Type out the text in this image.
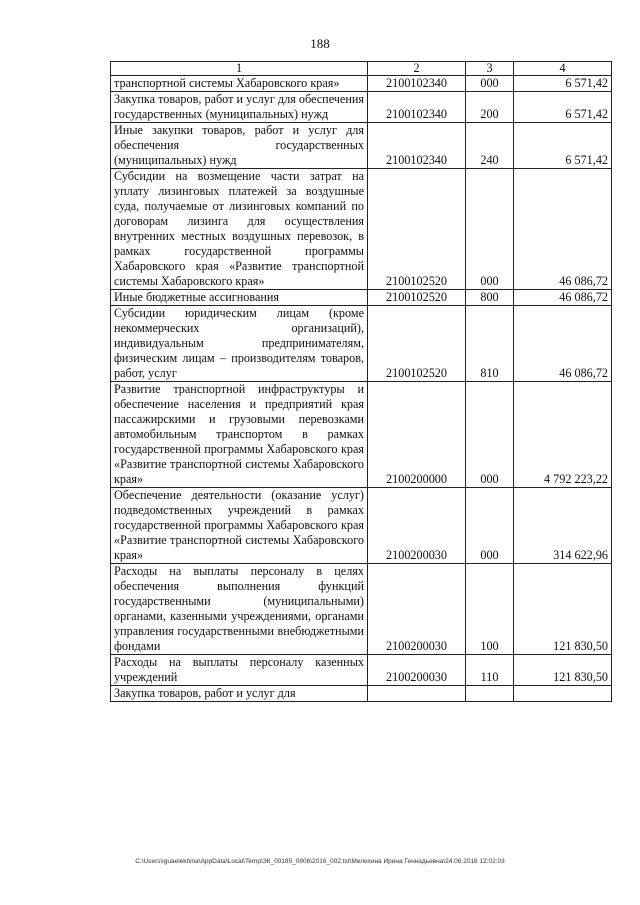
188
1	2	3	4
транспортной системы Хабаровского края»	2100102340	000	6 571,42
Закупка товаров, работ и услуг для обеспечения государственных (муниципальных) нужд	2100102340	200	6 571,42
Иные закупки товаров, работ и услуг для обеспечения государственных (муниципальных) нужд	2100102340	240	6 571,42
Субсидии на возмещение части затрат на уплату лизинговых платежей за воздушные суда, получаемые от лизинговых компаний по договорам лизинга для осуществления внутренних местных воздушных перевозок, в рамках государственной программы Хабаровского края «Развитие транспортной системы Хабаровского края»	2100102520	000	46 086,72
Иные бюджетные ассигнования	2100102520	800	46 086,72
Субсидии юридическим лицам (кроме некоммерческих организаций), индивидуальным предпринимателям, физическим лицам – производителям товаров, работ, услуг	2100102520	810	46 086,72
Развитие транспортной инфраструктуры и обеспечение населения и предприятий края пассажирскими и грузовыми перевозками автомобильным транспортом в рамках государственной программы Хабаровского края «Развитие транспортной системы Хабаровского края»	2100200000	000	4 792 223,22
Обеспечение деятельности (оказание услуг) подведомственных учреждений в рамках государственной программы Хабаровского края «Развитие транспортной системы Хабаровского края»	2100200030	000	314 622,96
Расходы на выплаты персоналу в целях обеспечения выполнения функций государственными (муниципальными) органами, казенными учреждениями, органами управления государственными внебюджетными фондами	2100200030	100	121 830,50
Расходы на выплаты персоналу казенных учреждений	2100200030	110	121 830,50
Закупка товаров, работ и услуг для			
C:\Users\iguaelekhina\AppData\Local\Temp\ЗК_00185_0906\2016_002.txt\Мелехина Ирина Геннадьевна\24.06.2016 12:02:03
